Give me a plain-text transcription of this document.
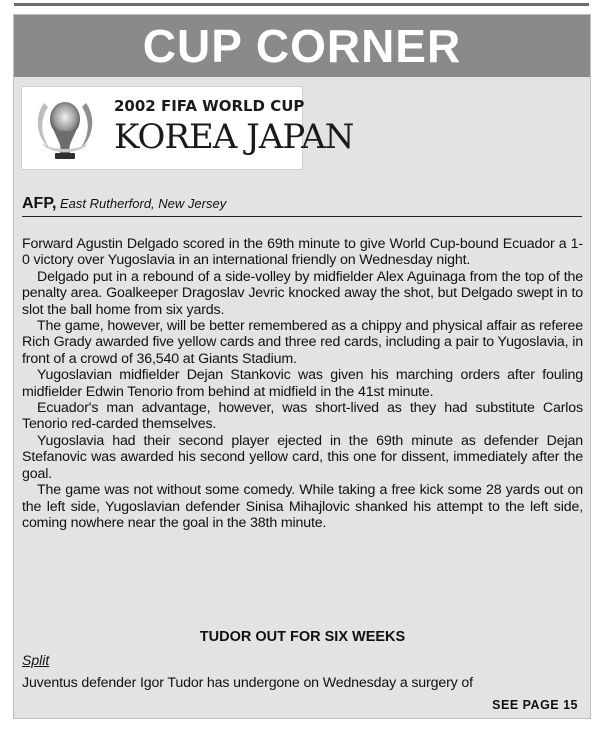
CUP CORNER
2002 FIFA WORLD CUP
KOREA JAPAN
AFP, East Rutherford, New Jersey

Forward Agustin Delgado scored in the 69th minute to give World Cup-bound Ecuador a 1-0 victory over Yugoslavia in an international friendly on Wednesday night.

Delgado put in a rebound of a side-volley by midfielder Alex Aguinaga from the top of the penalty area. Goalkeeper Dragoslav Jevric knocked away the shot, but Delgado swept in to slot the ball home from six yards.

The game, however, will be better remembered as a chippy and physical affair as referee Rich Grady awarded five yellow cards and three red cards, including a pair to Yugoslavia, in front of a crowd of 36,540 at Giants Stadium.

Yugoslavian midfielder Dejan Stankovic was given his marching orders after fouling midfielder Edwin Tenorio from behind at midfield in the 41st minute.

Ecuador's man advantage, however, was short-lived as they had substitute Carlos Tenorio red-carded themselves.

Yugoslavia had their second player ejected in the 69th minute as defender Dejan Stefanovic was awarded his second yellow card, this one for dissent, immediately after the goal.

The game was not without some comedy. While taking a free kick some 28 yards out on the left side, Yugoslavian defender Sinisa Mihajlovic shanked his attempt to the left side, coming nowhere near the goal in the 38th minute.

TUDOR OUT FOR SIX WEEKS
Split
Juventus defender Igor Tudor has undergone on Wednesday a surgery of
SEE PAGE 15
